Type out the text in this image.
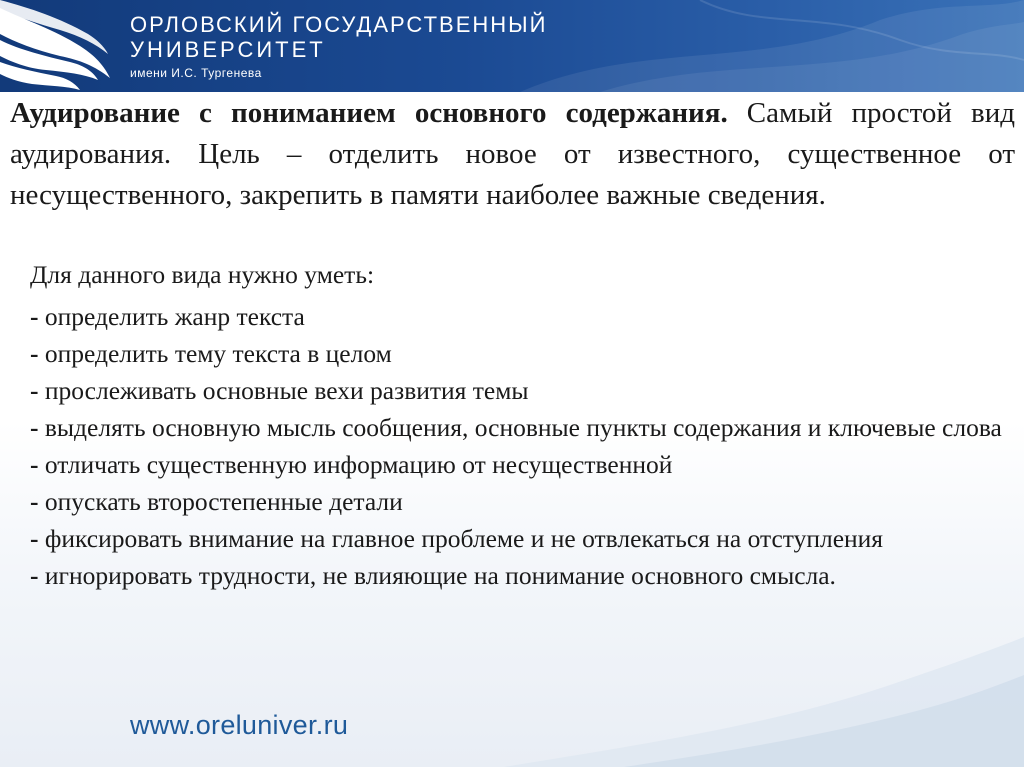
ОРЛОВСКИЙ ГОСУДАРСТВЕННЫЙ
УНИВЕРСИТЕТ
имени И.С. Тургенева
Аудирование с пониманием основного содержания. Самый простой вид аудирования. Цель – отделить новое от известного, существенное от несущественного, закрепить в памяти наиболее важные сведения.
Для данного вида нужно уметь:
- определить жанр текста
- определить тему текста в целом
- прослеживать основные вехи развития темы
- выделять основную мысль сообщения, основные пункты содержания и ключевые слова
- отличать существенную информацию от несущественной
- опускать второстепенные детали
- фиксировать внимание на главное проблеме и не отвлекаться на отступления
- игнорировать трудности, не влияющие на понимание основного смысла.
www.oreluniver.ru
